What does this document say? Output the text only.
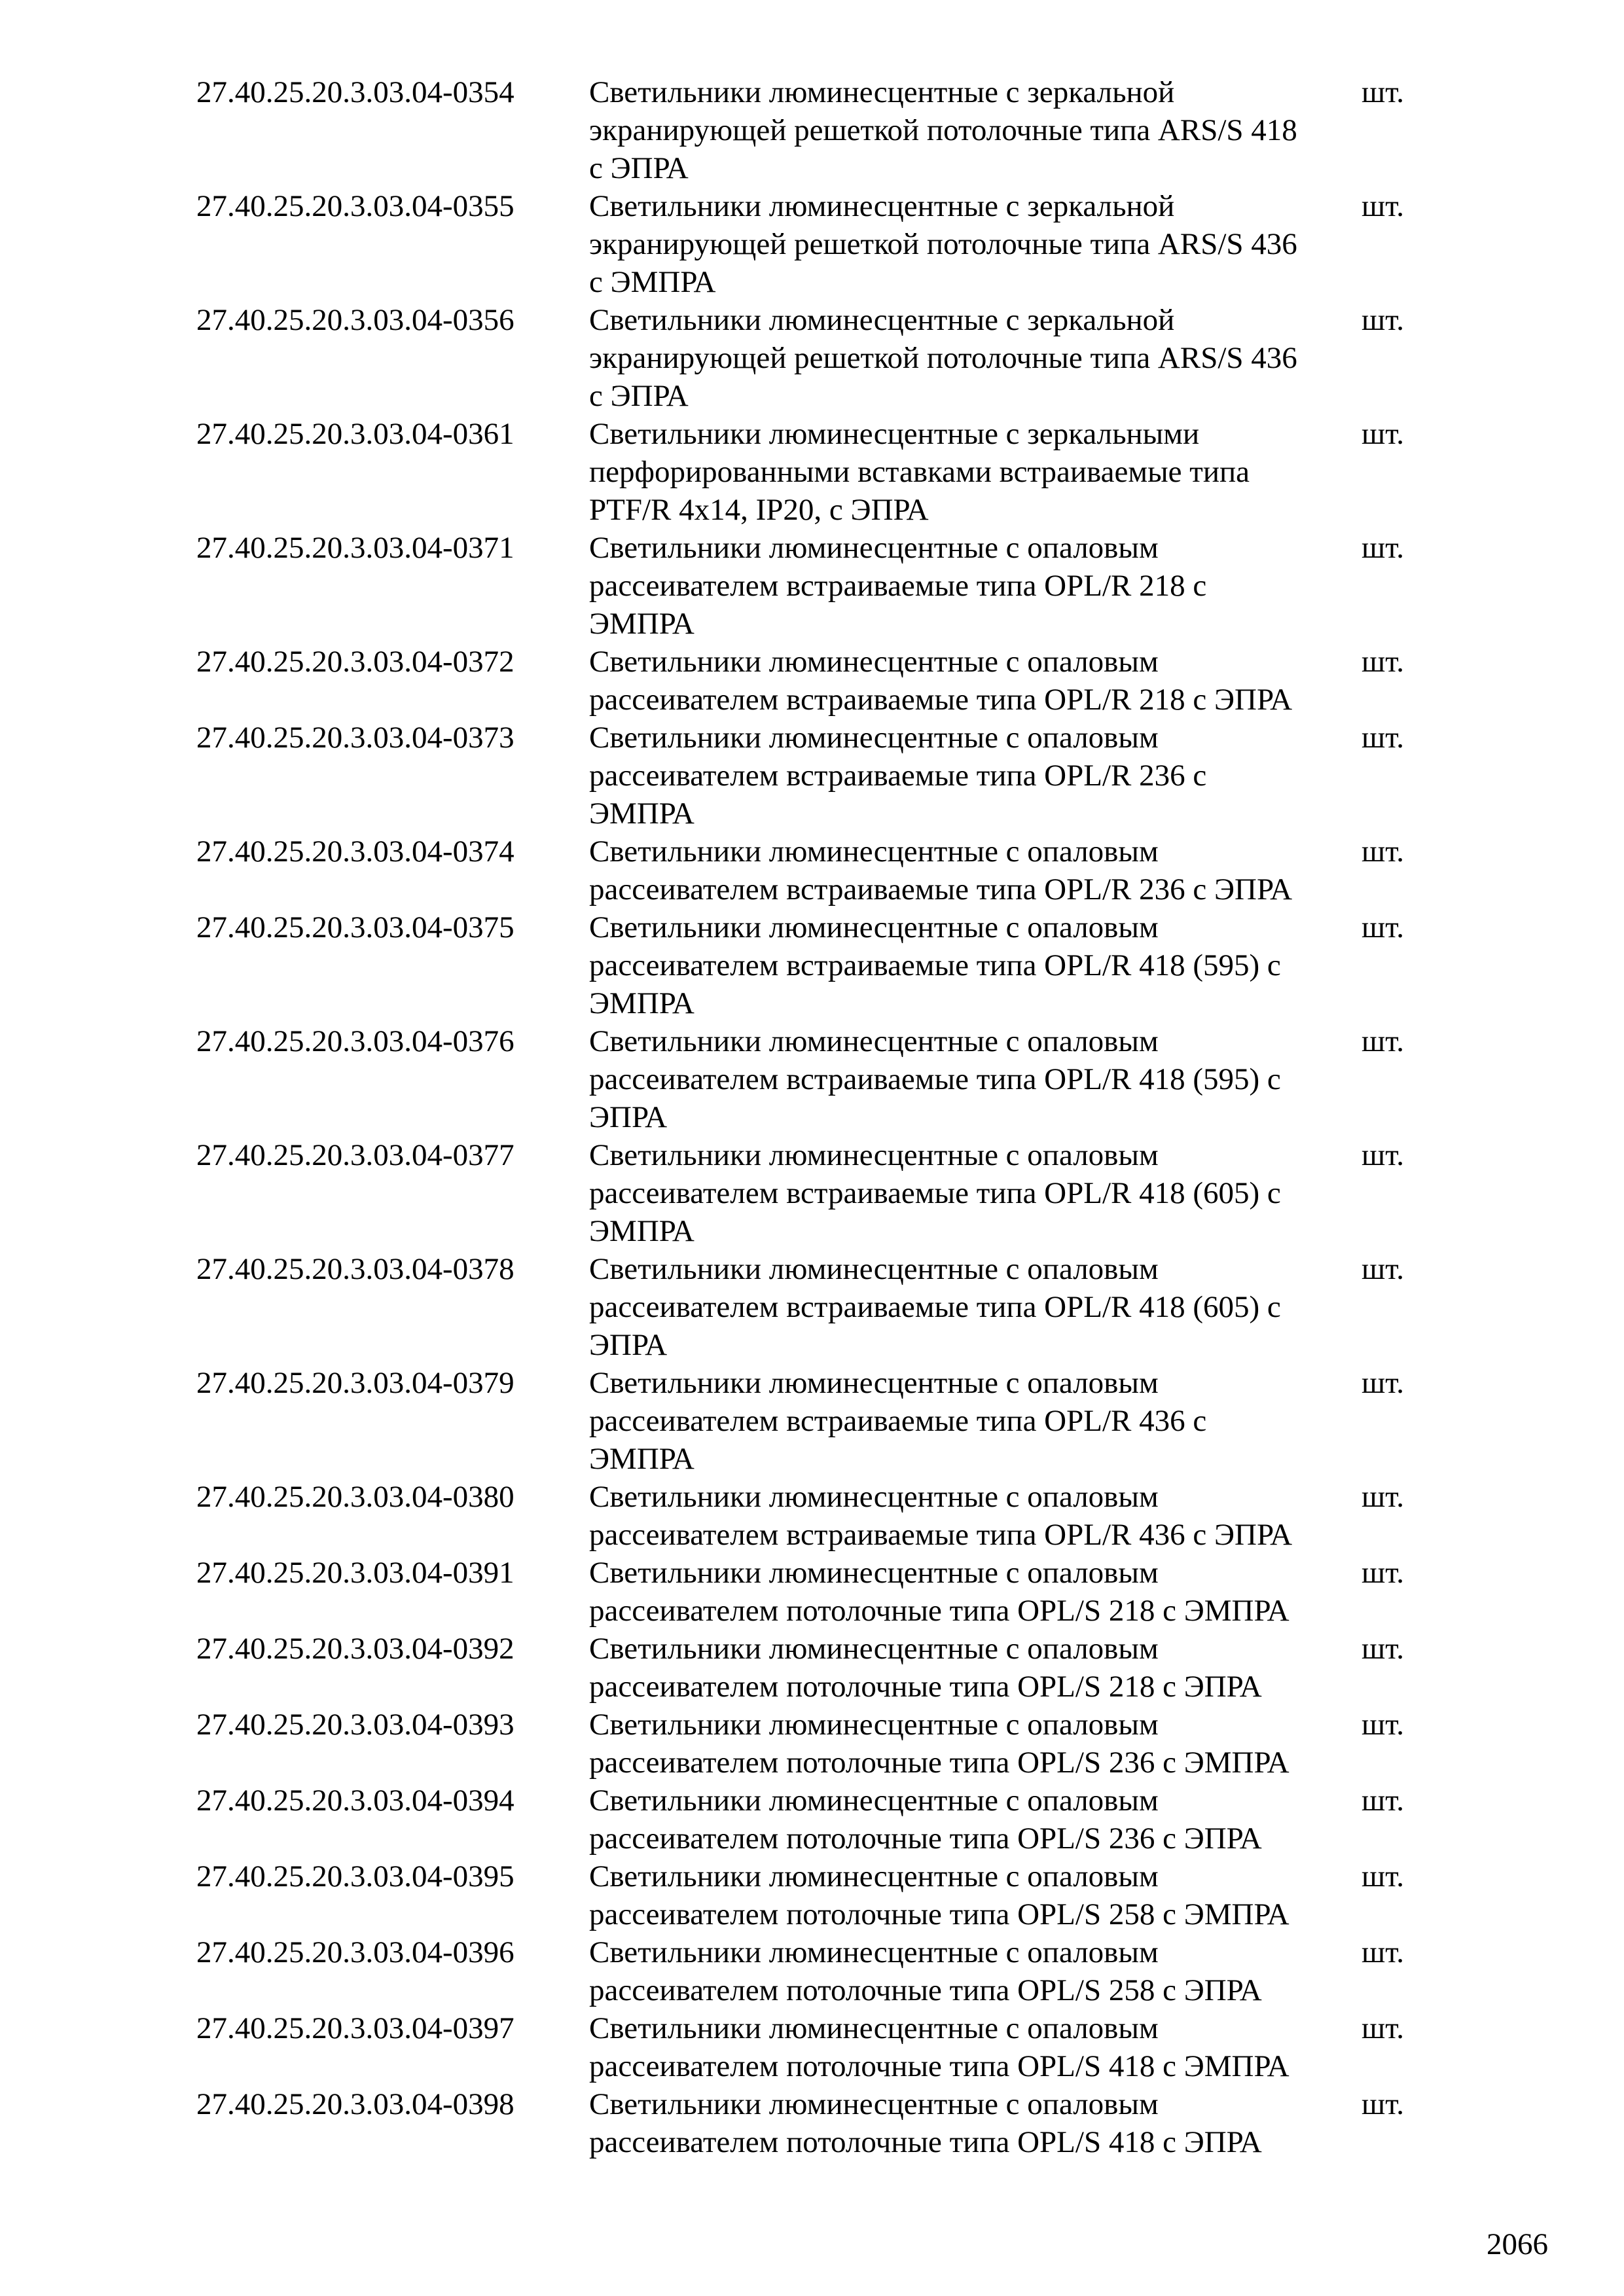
27.40.25.20.3.03.04-0354	Светильники люминесцентные с зеркальной
экранирующей решеткой потолочные типа ARS/S 418
с ЭПРА
шт.
27.40.25.20.3.03.04-0355	Светильники люминесцентные с зеркальной
экранирующей решеткой потолочные типа ARS/S 436
с ЭМПРА
шт.
27.40.25.20.3.03.04-0356	Светильники люминесцентные с зеркальной
экранирующей решеткой потолочные типа ARS/S 436
с ЭПРА
шт.
27.40.25.20.3.03.04-0361	Светильники люминесцентные с зеркальными
перфорированными вставками встраиваемые типа
PTF/R 4x14, IP20, с ЭПРА
шт.
27.40.25.20.3.03.04-0371	Светильники люминесцентные с опаловым
рассеивателем встраиваемые типа OPL/R 218 с
ЭМПРА
шт.
27.40.25.20.3.03.04-0372	Светильники люминесцентные с опаловым
рассеивателем встраиваемые типа OPL/R 218 с ЭПРА
шт.
27.40.25.20.3.03.04-0373	Светильники люминесцентные с опаловым
рассеивателем встраиваемые типа OPL/R 236 с
ЭМПРА
шт.
27.40.25.20.3.03.04-0374	Светильники люминесцентные с опаловым
рассеивателем встраиваемые типа OPL/R 236 с ЭПРА
шт.
27.40.25.20.3.03.04-0375	Светильники люминесцентные с опаловым
рассеивателем встраиваемые типа OPL/R 418 (595) с
ЭМПРА
шт.
27.40.25.20.3.03.04-0376	Светильники люминесцентные с опаловым
рассеивателем встраиваемые типа OPL/R 418 (595) с
ЭПРА
шт.
27.40.25.20.3.03.04-0377	Светильники люминесцентные с опаловым
рассеивателем встраиваемые типа OPL/R 418 (605) с
ЭМПРА
шт.
27.40.25.20.3.03.04-0378	Светильники люминесцентные с опаловым
рассеивателем встраиваемые типа OPL/R 418 (605) с
ЭПРА
шт.
27.40.25.20.3.03.04-0379	Светильники люминесцентные с опаловым
рассеивателем встраиваемые типа OPL/R 436 с
ЭМПРА
шт.
27.40.25.20.3.03.04-0380	Светильники люминесцентные с опаловым
рассеивателем встраиваемые типа OPL/R 436 с ЭПРА
шт.
27.40.25.20.3.03.04-0391	Светильники люминесцентные с опаловым
рассеивателем потолочные типа OPL/S 218 с ЭМПРА
шт.
27.40.25.20.3.03.04-0392	Светильники люминесцентные с опаловым
рассеивателем потолочные типа OPL/S 218 с ЭПРА
шт.
27.40.25.20.3.03.04-0393	Светильники люминесцентные с опаловым
рассеивателем потолочные типа OPL/S 236 с ЭМПРА
шт.
27.40.25.20.3.03.04-0394	Светильники люминесцентные с опаловым
рассеивателем потолочные типа OPL/S 236 с ЭПРА
шт.
27.40.25.20.3.03.04-0395	Светильники люминесцентные с опаловым
рассеивателем потолочные типа OPL/S 258 с ЭМПРА
шт.
27.40.25.20.3.03.04-0396	Светильники люминесцентные с опаловым
рассеивателем потолочные типа OPL/S 258 с ЭПРА
шт.
27.40.25.20.3.03.04-0397	Светильники люминесцентные с опаловым
рассеивателем потолочные типа OPL/S 418 с ЭМПРА
шт.
27.40.25.20.3.03.04-0398	Светильники люминесцентные с опаловым
рассеивателем потолочные типа OPL/S 418 с ЭПРА
шт.
2066
